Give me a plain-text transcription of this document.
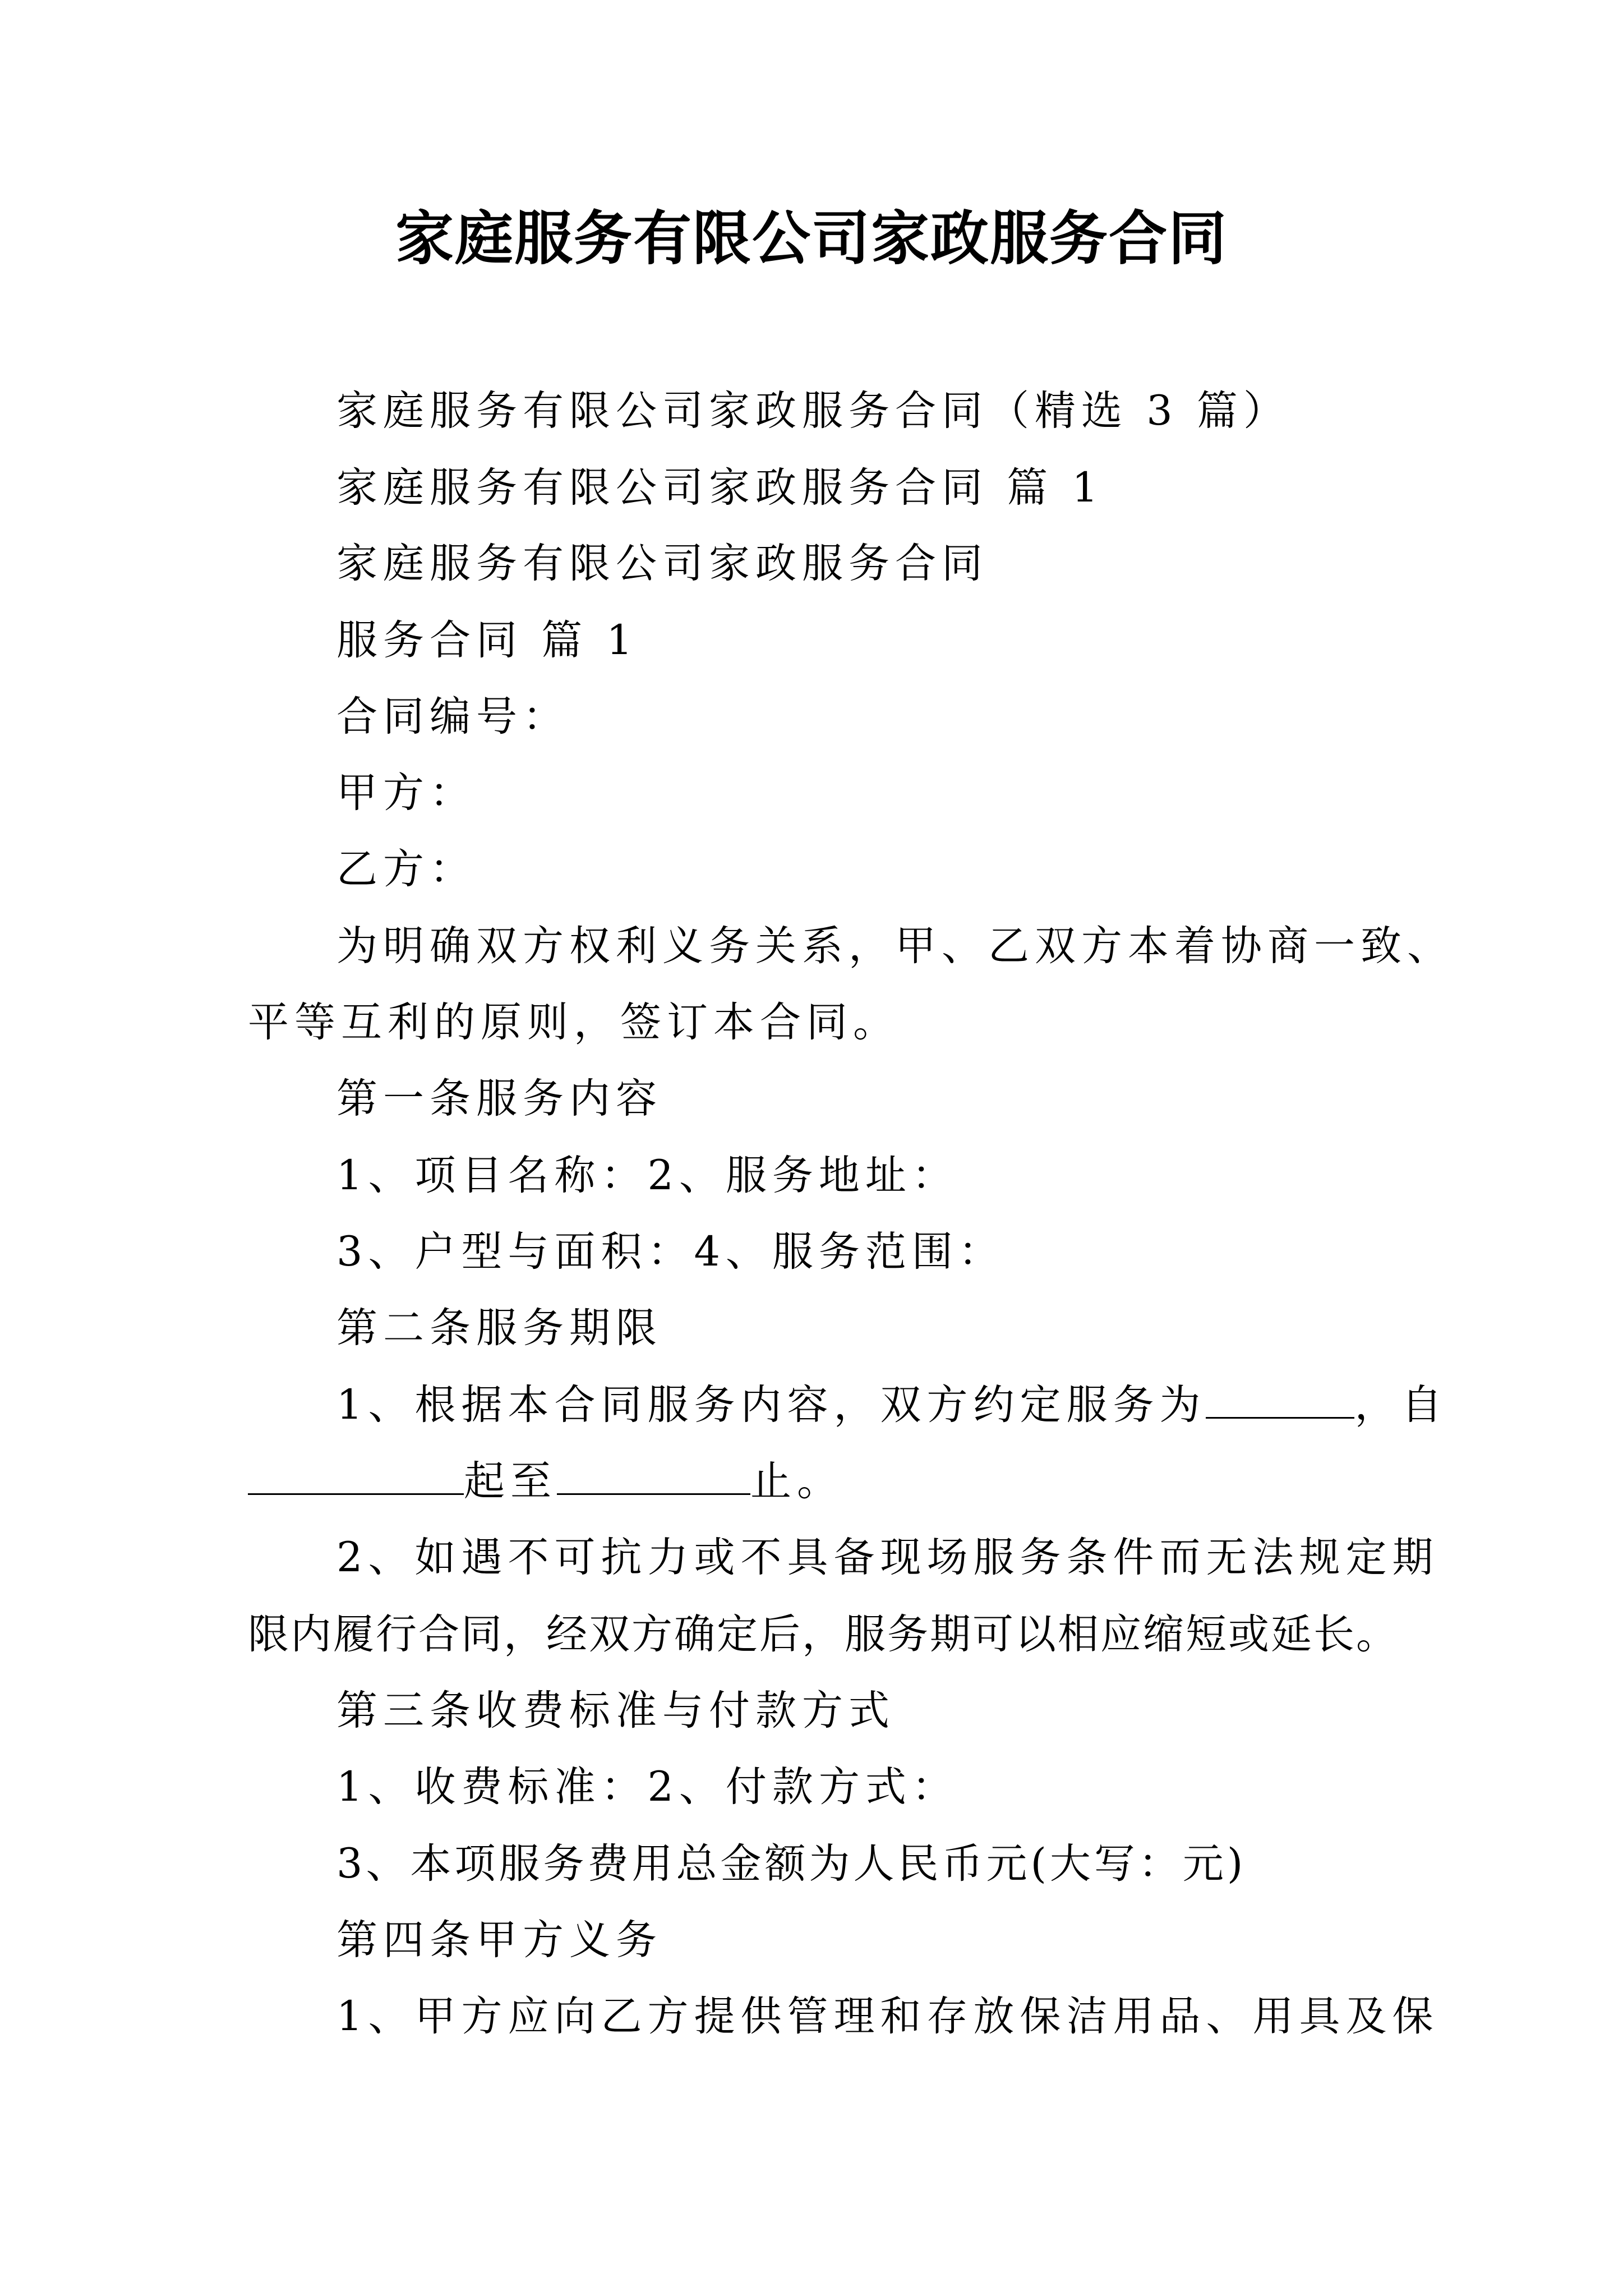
家庭服务有限公司家政服务合同
家庭服务有限公司家政服务合同（精选 3 篇）
家庭服务有限公司家政服务合同 篇 1
家庭服务有限公司家政服务合同
服务合同 篇 1
合同编号：
甲方：
乙方：
为明确双方权利义务关系，甲、乙双方本着协商一致、
平等互利的原则，签订本合同。
第一条服务内容
1、项目名称：2、服务地址：
3、户型与面积：4、服务范围：
第二条服务期限
1、根据本合同服务内容，双方约定服务为	，自
起至	止。
2、如遇不可抗力或不具备现场服务条件而无法规定期
限内履行合同，经双方确定后，服务期可以相应缩短或延长。
第三条收费标准与付款方式
1、收费标准：2、付款方式：
3、本项服务费用总金额为人民币元(大写：元)
第四条甲方义务
1、甲方应向乙方提供管理和存放保洁用品、用具及保
